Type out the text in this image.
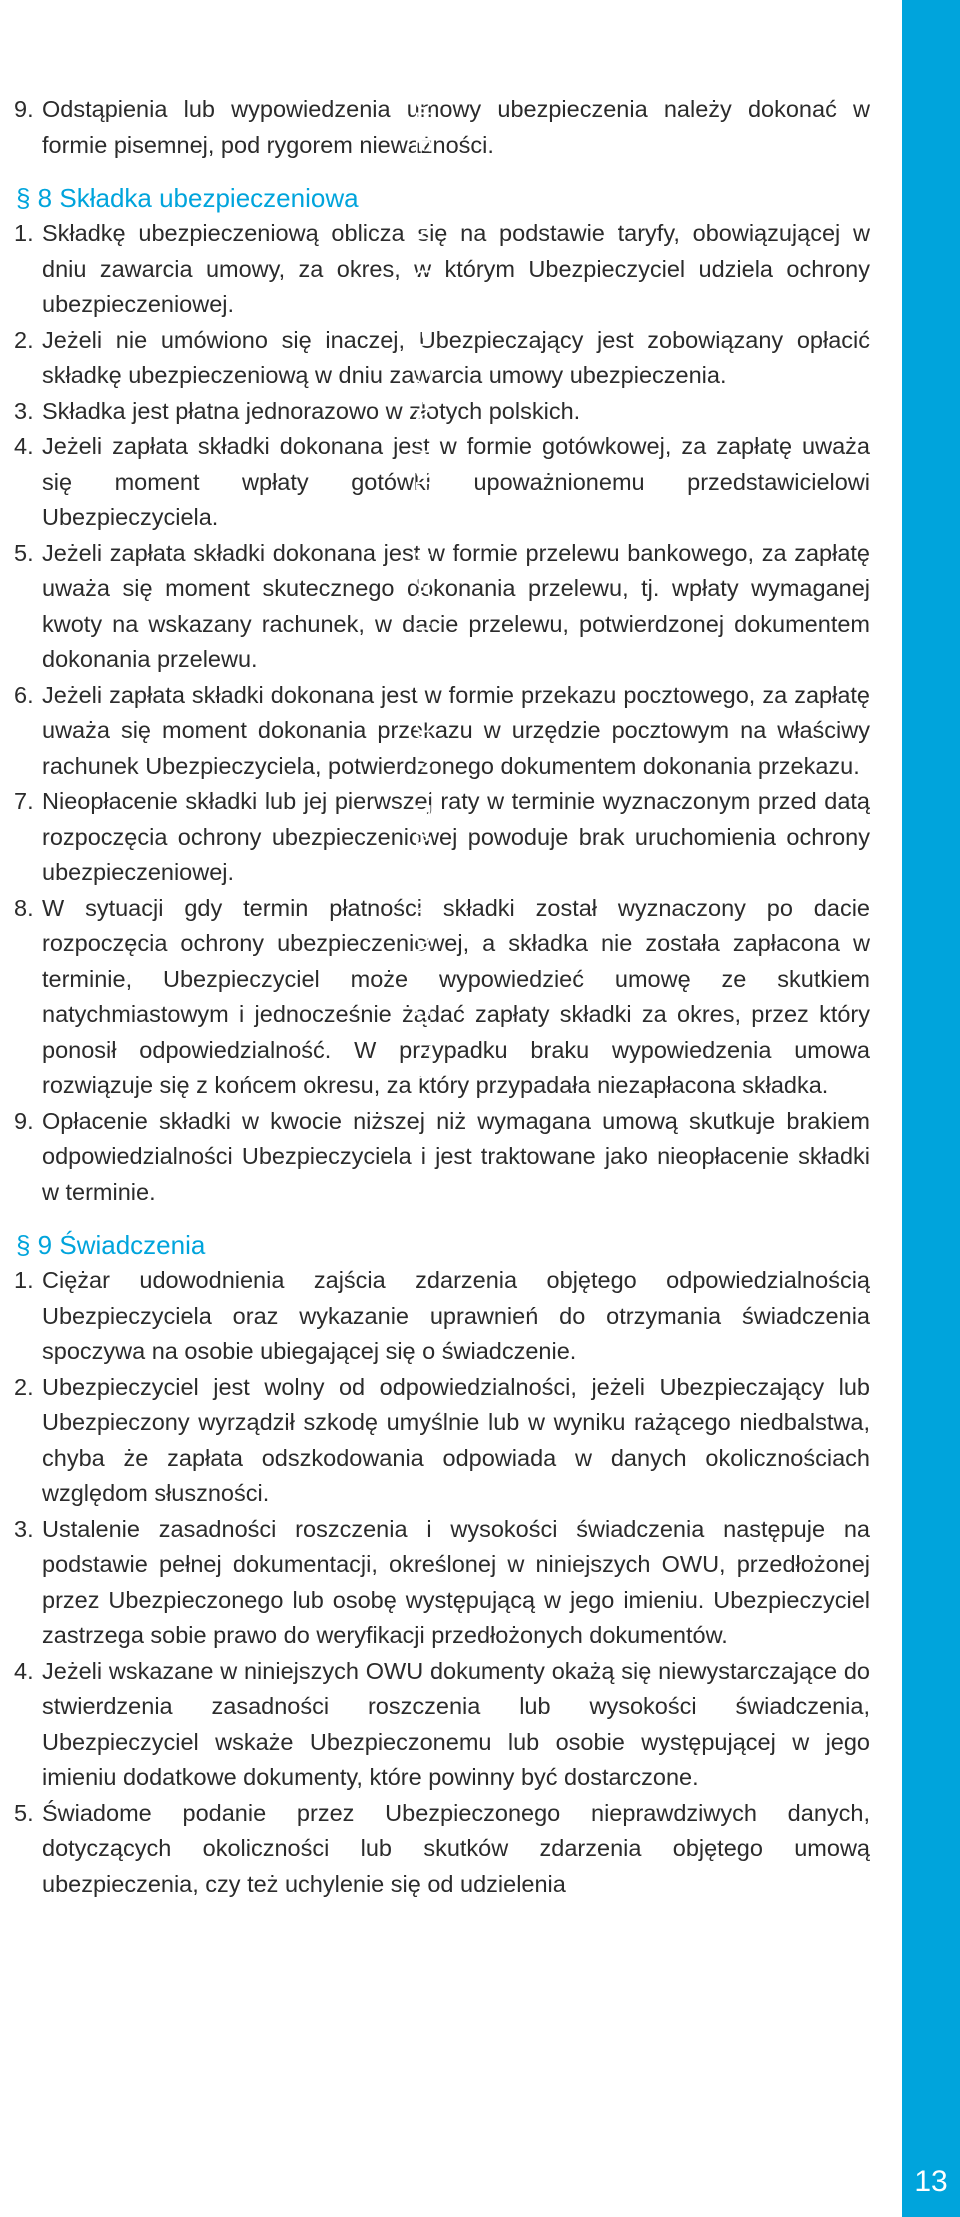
9. Odstąpienia lub wypowiedzenia umowy ubezpieczenia należy dokonać w formie pisemnej, pod rygorem nieważności.
§ 8 Składka ubezpieczeniowa
1. Składkę ubezpieczeniową oblicza się na podstawie taryfy, obowiązującej w dniu zawarcia umowy, za okres, w którym Ubezpieczyciel udziela ochrony ubezpieczeniowej.
2. Jeżeli nie umówiono się inaczej, Ubezpieczający jest zobowiązany opłacić składkę ubezpieczeniową w dniu zawarcia umowy ubezpieczenia.
3. Składka jest płatna jednorazowo w złotych polskich.
4. Jeżeli zapłata składki dokonana jest w formie gotówkowej, za zapłatę uważa się moment wpłaty gotówki upoważnionemu przedstawicielowi Ubezpieczyciela.
5. Jeżeli zapłata składki dokonana jest w formie przelewu bankowego, za zapłatę uważa się moment skutecznego dokonania przelewu, tj. wpłaty wymaganej kwoty na wskazany rachunek, w dacie przelewu, potwierdzonej dokumentem dokonania przelewu.
6. Jeżeli zapłata składki dokonana jest w formie przekazu pocztowego, za zapłatę uważa się moment dokonania przekazu w urzędzie pocztowym na właściwy rachunek Ubezpieczyciela, potwierdzonego dokumentem dokonania przekazu.
7. Nieopłacenie składki lub jej pierwszej raty w terminie wyznaczonym przed datą rozpoczęcia ochrony ubezpieczeniowej powoduje brak uruchomienia ochrony ubezpieczeniowej.
8. W sytuacji gdy termin płatności składki został wyznaczony po dacie rozpoczęcia ochrony ubezpieczeniowej, a składka nie została zapłacona w terminie, Ubezpieczyciel może wypowiedzieć umowę ze skutkiem natychmiastowym i jednocześnie żądać zapłaty składki za okres, przez który ponosił odpowiedzialność. W przypadku braku wypowiedzenia umowa rozwiązuje się z końcem okresu, za który przypadała niezapłacona składka.
9. Opłacenie składki w kwocie niższej niż wymagana umową skutkuje brakiem odpowiedzialności Ubezpieczyciela i jest traktowane jako nieopłacenie składki w terminie.
§ 9 Świadczenia
1. Ciężar udowodnienia zajścia zdarzenia objętego odpowiedzialnością Ubezpieczyciela oraz wykazanie uprawnień do otrzymania świadczenia spoczywa na osobie ubiegającej się o świadczenie.
2. Ubezpieczyciel jest wolny od odpowiedzialności, jeżeli Ubezpieczający lub Ubezpieczony wyrządził szkodę umyślnie lub w wyniku rażącego niedbalstwa, chyba że zapłata odszkodowania odpowiada w danych okolicznościach względom słuszności.
3. Ustalenie zasadności roszczenia i wysokości świadczenia następuje na podstawie pełnej dokumentacji, określonej w niniejszych OWU, przedłożonej przez Ubezpieczonego lub osobę występującą w jego imieniu. Ubezpieczyciel zastrzega sobie prawo do weryfikacji przedłożonych dokumentów.
4. Jeżeli wskazane w niniejszych OWU dokumenty okażą się niewystarczające do stwierdzenia zasadności roszczenia lub wysokości świadczenia, Ubezpieczyciel wskaże Ubezpieczonemu lub osobie występującej w jego imieniu dodatkowe dokumenty, które powinny być dostarczone.
5. Świadome podanie przez Ubezpieczonego nieprawdziwych danych, dotyczących okoliczności lub skutków zdarzenia objętego umową ubezpieczenia, czy też uchylenie się od udzielenia
OGÓLNE WARUNKI UBEZPIECZENIA PODRÓŻNEGO TRAVEL GUARD® DLA KLIENTÓW ENOVATIS
13
